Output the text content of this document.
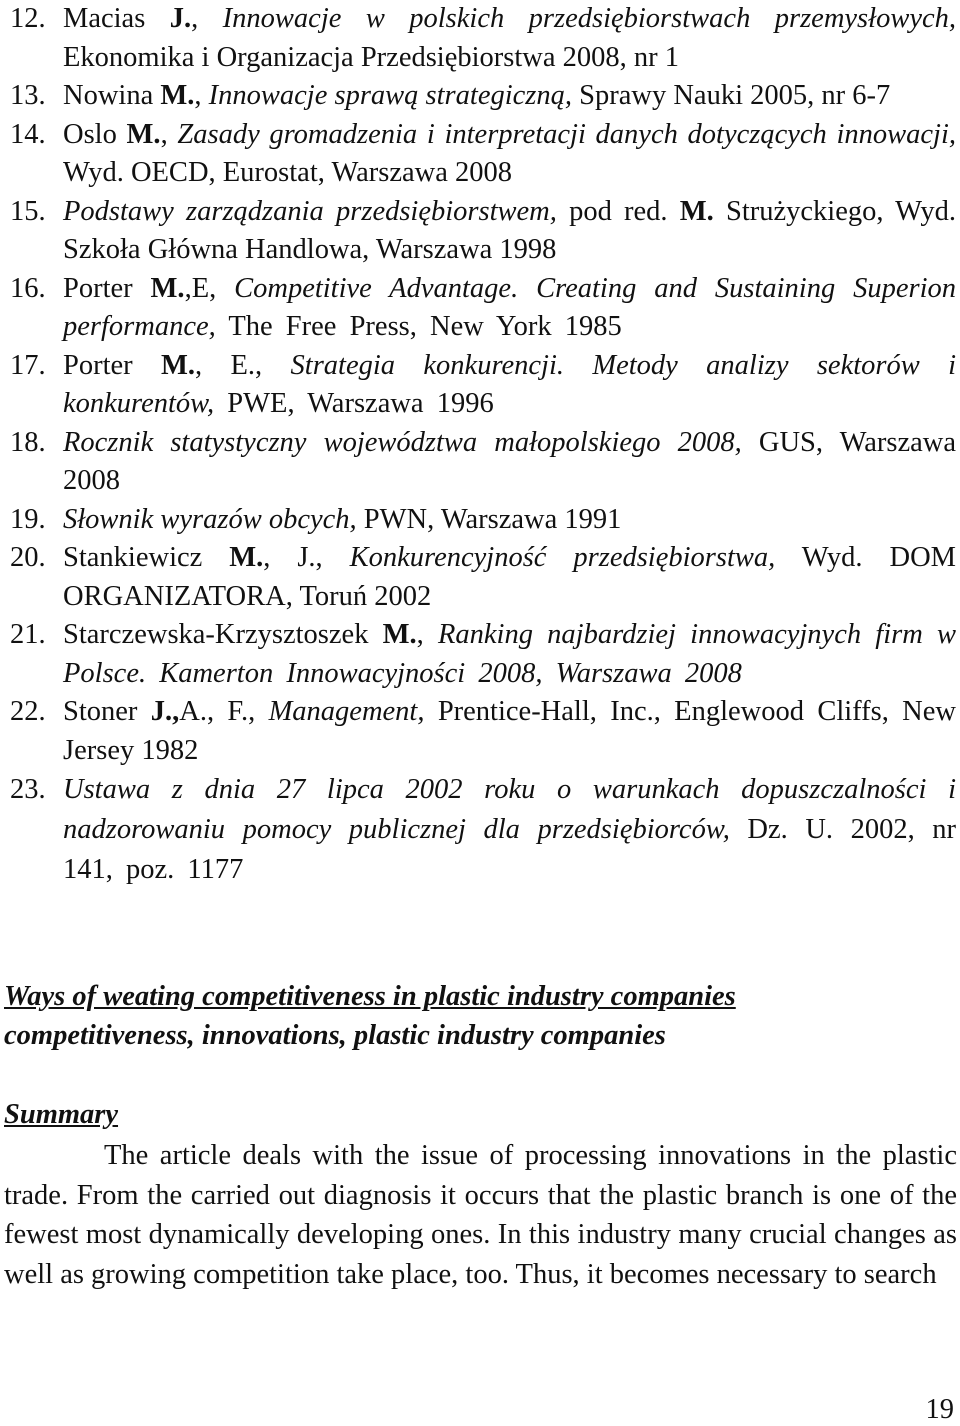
12. Macias J., Innowacje w polskich przedsiębiorstwach przemysłowych, Ekonomika i Organizacja Przedsiębiorstwa 2008, nr 1
13. Nowina M., Innowacje sprawą strategiczną, Sprawy Nauki 2005, nr 6-7
14. Oslo M., Zasady gromadzenia i interpretacji danych dotyczących innowacji, Wyd. OECD, Eurostat, Warszawa 2008
15. Podstawy zarządzania przedsiębiorstwem, pod red. M. Strużyckiego, Wyd. Szkoła Główna Handlowa, Warszawa 1998
16. Porter M.,E, Competitive Advantage. Creating and Sustaining Superion performance, The Free Press, New York 1985
17. Porter M., E., Strategia konkurencji. Metody analizy sektorów i konkurentów, PWE, Warszawa 1996
18. Rocznik statystyczny województwa małopolskiego 2008, GUS, Warszawa 2008
19. Słownik wyrazów obcych, PWN, Warszawa 1991
20. Stankiewicz M., J., Konkurencyjność przedsiębiorstwa, Wyd. DOM ORGANIZATORA, Toruń 2002
21. Starczewska-Krzysztoszek M., Ranking najbardziej innowacyjnych firm w Polsce. Kamerton Innowacyjności 2008, Warszawa 2008
22. Stoner J.,A., F., Management, Prentice-Hall, Inc., Englewood Cliffs, New Jersey 1982
23. Ustawa z dnia 27 lipca 2002 roku o warunkach dopuszczalności i nadzorowaniu pomocy publicznej dla przedsiębiorców, Dz. U. 2002, nr 141, poz. 1177

Ways of weating competitiveness in plastic industry companies

competitiveness, innovations, plastic industry companies

Summary

The article deals with the issue of processing innovations in the plastic trade. From the carried out diagnosis it occurs that the plastic branch is one of the fewest most dynamically developing ones. In this industry many crucial changes as well as growing competition take place, too. Thus, it becomes necessary to search

19
